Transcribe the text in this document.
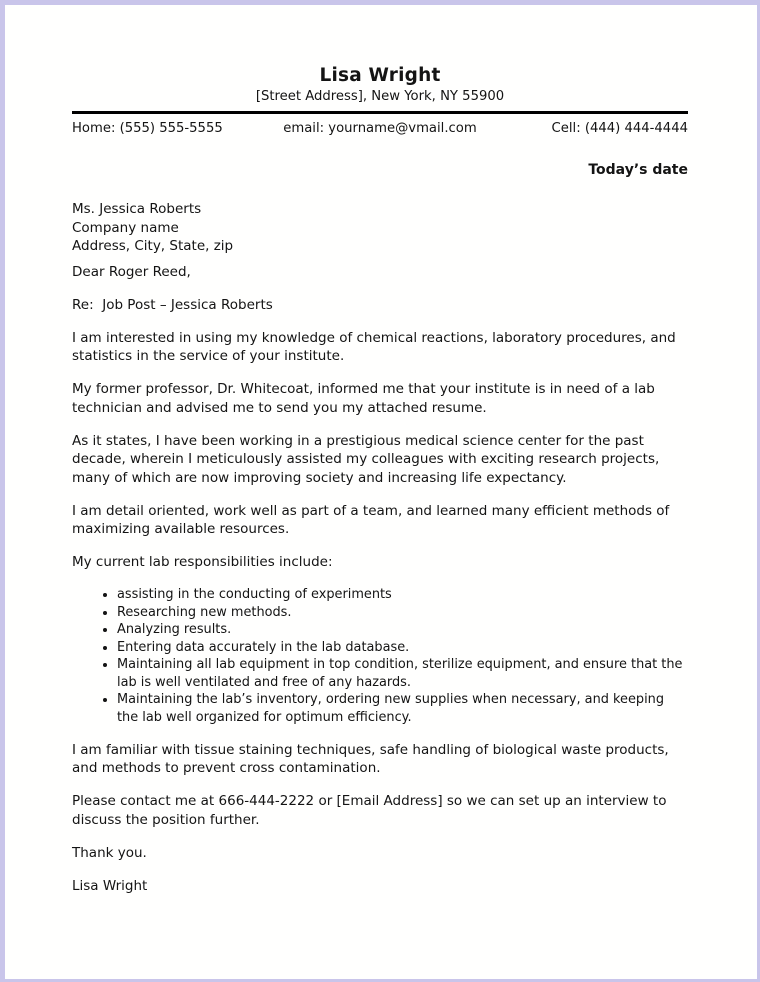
Lisa Wright
[Street Address], New York, NY 55900
Home: (555) 555-5555	email: yourname@vmail.com	Cell: (444) 444-4444
Today’s date
Ms. Jessica Roberts
Company name
Address, City, State, zip

Dear Roger Reed,

Re:  Job Post – Jessica Roberts

I am interested in using my knowledge of chemical reactions, laboratory procedures, and statistics in the service of your institute.

My former professor, Dr. Whitecoat, informed me that your institute is in need of a lab technician and advised me to send you my attached resume.

As it states, I have been working in a prestigious medical science center for the past decade, wherein I meticulously assisted my colleagues with exciting research projects, many of which are now improving society and increasing life expectancy.

I am detail oriented, work well as part of a team, and learned many efficient methods of maximizing available resources.

My current lab responsibilities include:

• assisting in the conducting of experiments
• Researching new methods.
• Analyzing results.
• Entering data accurately in the lab database.
• Maintaining all lab equipment in top condition, sterilize equipment, and ensure that the lab is well ventilated and free of any hazards.
• Maintaining the lab’s inventory, ordering new supplies when necessary, and keeping the lab well organized for optimum efficiency.

I am familiar with tissue staining techniques, safe handling of biological waste products, and methods to prevent cross contamination.

Please contact me at 666-444-2222 or [Email Address] so we can set up an interview to discuss the position further.

Thank you.

Lisa Wright
